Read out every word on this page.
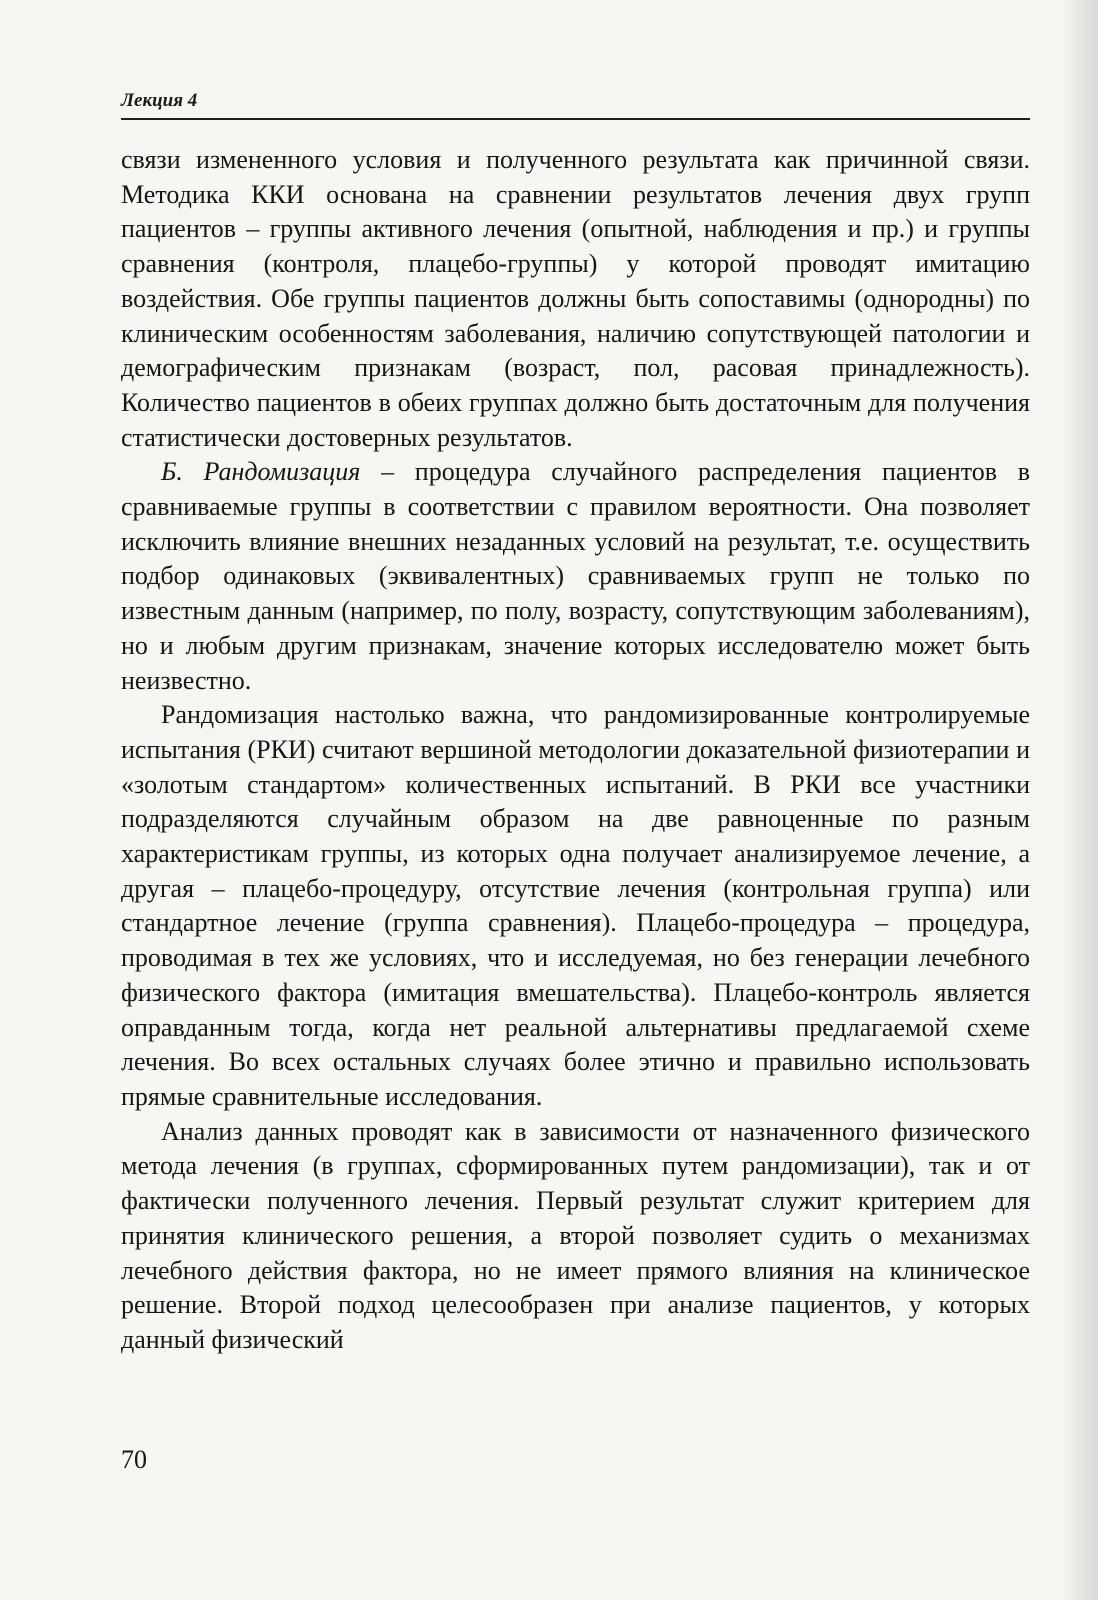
Лекция 4

связи измененного условия и полученного результата как причинной связи. Методика ККИ основана на сравнении результатов лечения двух групп пациентов – группы активного лечения (опытной, наблюдения и пр.) и группы сравнения (контроля, плацебо-группы) у которой проводят имитацию воздействия. Обе группы пациентов должны быть сопоставимы (однородны) по клиническим особенностям заболевания, наличию сопутствующей патологии и демографическим признакам (возраст, пол, расовая принадлежность). Количество пациентов в обеих группах должно быть достаточным для получения статистически достоверных результатов.

Б. Рандомизация – процедура случайного распределения пациентов в сравниваемые группы в соответствии с правилом вероятности. Она позволяет исключить влияние внешних незаданных условий на результат, т.е. осуществить подбор одинаковых (эквивалентных) сравниваемых групп не только по известным данным (например, по полу, возрасту, сопутствующим заболеваниям), но и любым другим признакам, значение которых исследователю может быть неизвестно.

Рандомизация настолько важна, что рандомизированные контролируемые испытания (РКИ) считают вершиной методологии доказательной физиотерапии и «золотым стандартом» количественных испытаний. В РКИ все участники подразделяются случайным образом на две равноценные по разным характеристикам группы, из которых одна получает анализируемое лечение, а другая – плацебо-процедуру, отсутствие лечения (контрольная группа) или стандартное лечение (группа сравнения). Плацебо-процедура – процедура, проводимая в тех же условиях, что и исследуемая, но без генерации лечебного физического фактора (имитация вмешательства). Плацебо-контроль является оправданным тогда, когда нет реальной альтернативы предлагаемой схеме лечения. Во всех остальных случаях более этично и правильно использовать прямые сравнительные исследования.

Анализ данных проводят как в зависимости от назначенного физического метода лечения (в группах, сформированных путем рандомизации), так и от фактически полученного лечения. Первый результат служит критерием для принятия клинического решения, а второй позволяет судить о механизмах лечебного действия фактора, но не имеет прямого влияния на клиническое решение. Второй подход целесообразен при анализе пациентов, у которых данный физический

70
